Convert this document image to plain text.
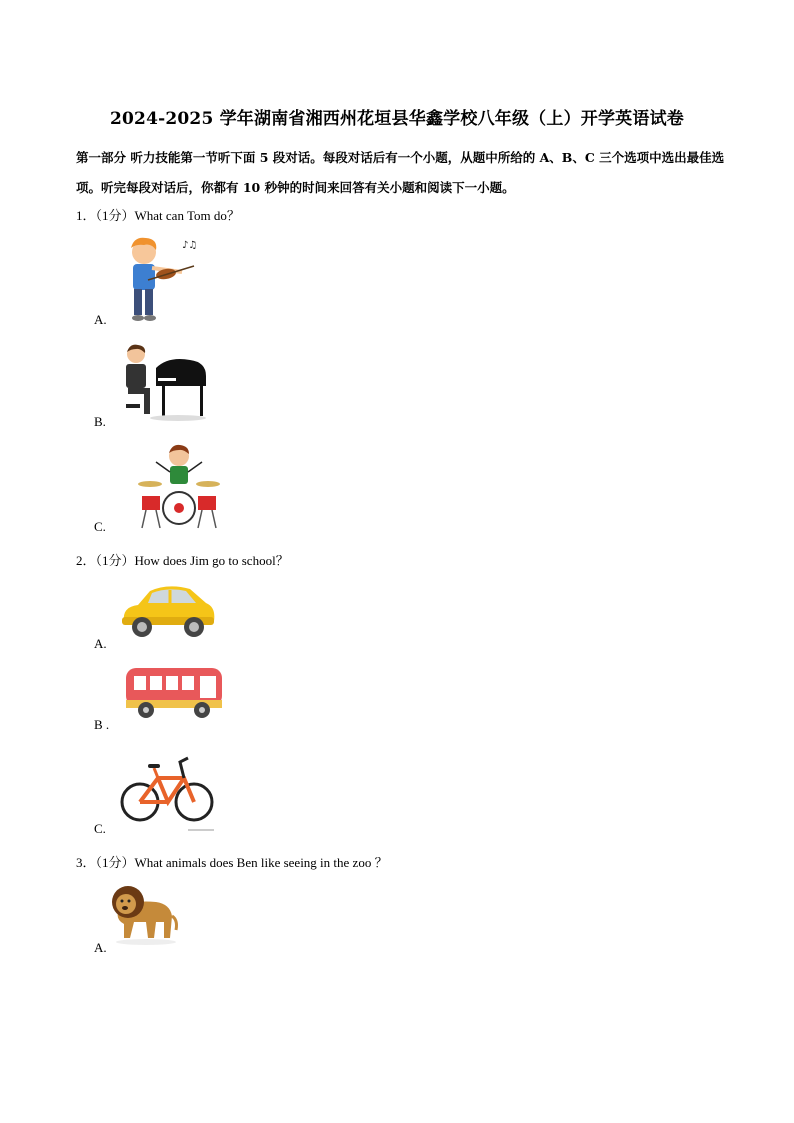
2024-2025 学年湖南省湘西州花垣县华鑫学校八年级（上）开学英语试卷
第一部分 听力技能第一节听下面 5 段对话。每段对话后有一个小题，从题中所给的 A、B、C 三个选项中选出最佳选项。听完每段对话后，你都有 10 秒钟的时间来回答有关小题和阅读下一小题。
1．（1分）What can Tom do？
♪♫
A.
B.
C.
2．（1分）How does Jim go to school？
A.
B .
C.
3．（1分）What animals does Ben like seeing in the zoo ？
A.
